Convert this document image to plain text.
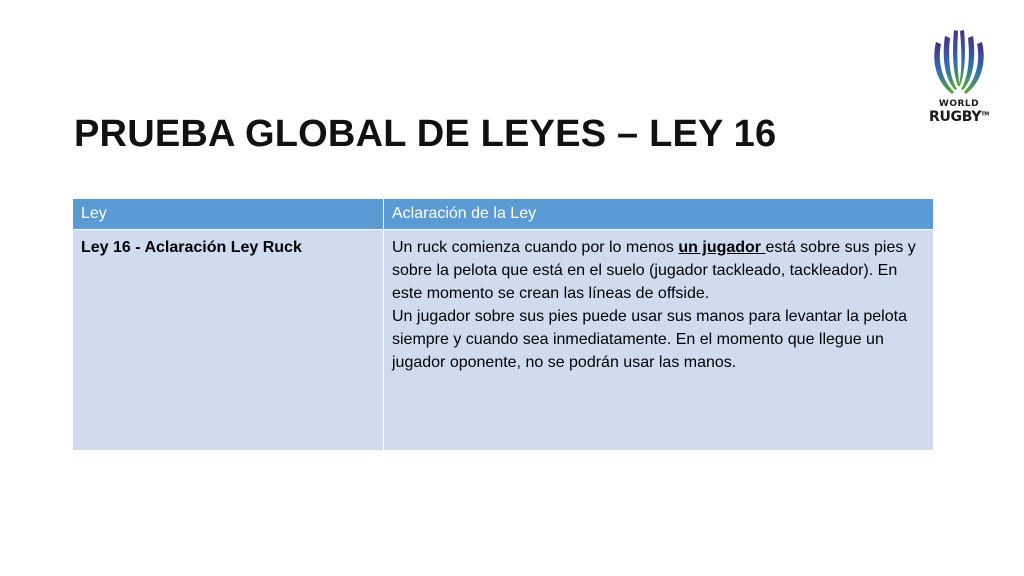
WORLD
RUGBY™
PRUEBA GLOBAL DE LEYES – LEY 16
Ley	Aclaración de la Ley
Ley 16 - Aclaración Ley Ruck	Un ruck comienza cuando por lo menos un jugador está sobre sus pies y sobre la pelota que está en el suelo (jugador tackleado, tackleador). En este momento se crean las líneas de offside.
Un jugador sobre sus pies puede usar sus manos para levantar la pelota siempre y cuando sea inmediatamente. En el momento que llegue un jugador oponente, no se podrán usar las manos.
